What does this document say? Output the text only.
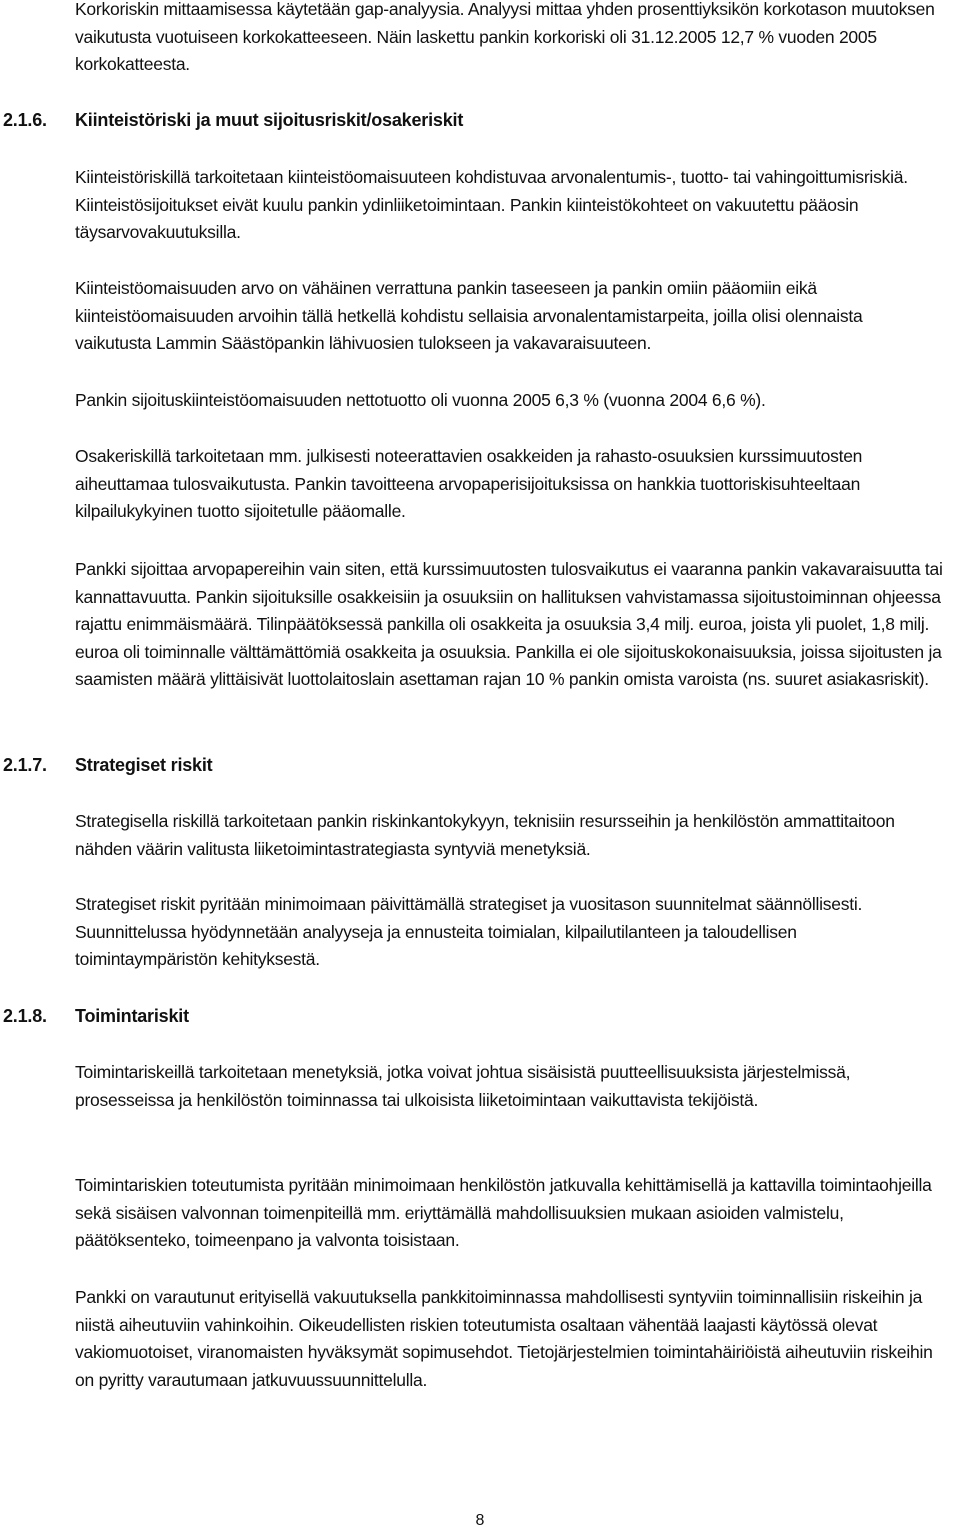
Korkoriskin mittaamisessa käytetään gap-analyysia. Analyysi mittaa yhden prosenttiyksikön korkotason muutoksen vaikutusta vuotuiseen korkokatteeseen. Näin laskettu pankin korkoriski oli 31.12.2005 12,7 % vuoden 2005 korkokatteesta.

2.1.6.	Kiinteistöriski ja muut sijoitusriskit/osakeriskit

Kiinteistöriskillä tarkoitetaan kiinteistöomaisuuteen kohdistuvaa arvonalentumis-, tuotto- tai vahingoittumisriskiä. Kiinteistösijoitukset eivät kuulu pankin ydinliiketoimintaan. Pankin kiinteistökohteet on vakuutettu pääosin täysarvovakuutuksilla.

Kiinteistöomaisuuden arvo on vähäinen verrattuna pankin taseeseen ja pankin omiin pääomiin eikä kiinteistöomaisuuden arvoihin tällä hetkellä kohdistu sellaisia arvonalentamistarpeita, joilla olisi olennaista vaikutusta Lammin Säästöpankin lähivuosien tulokseen ja vakavaraisuuteen.

Pankin sijoituskiinteistöomaisuuden nettotuotto oli vuonna 2005 6,3 % (vuonna 2004 6,6 %).

Osakeriskillä tarkoitetaan mm. julkisesti noteerattavien osakkeiden ja rahasto-osuuksien kurssimuutosten aiheuttamaa tulosvaikutusta. Pankin tavoitteena arvopaperisijoituksissa on hankkia tuottoriskisuhteeltaan kilpailukykyinen tuotto sijoitetulle pääomalle.

Pankki sijoittaa arvopapereihin vain siten, että kurssimuutosten tulosvaikutus ei vaaranna pankin vakavaraisuutta tai kannattavuutta. Pankin sijoituksille osakkeisiin ja osuuksiin on hallituksen vahvistamassa sijoitustoiminnan ohjeessa rajattu enimmäismäärä. Tilinpäätöksessä pankilla oli osakkeita ja osuuksia 3,4 milj. euroa, joista yli puolet, 1,8 milj. euroa oli toiminnalle välttämättömiä osakkeita ja osuuksia. Pankilla ei ole sijoituskokonaisuuksia, joissa sijoitusten ja saamisten määrä ylittäisivät luottolaitoslain asettaman rajan 10 % pankin omista varoista (ns. suuret asiakasriskit).

2.1.7.	Strategiset riskit

Strategisella riskillä tarkoitetaan pankin riskinkantokykyyn, teknisiin resursseihin ja henkilöstön ammattitaitoon nähden väärin valitusta liiketoimintastrategiasta syntyviä menetyksiä.

Strategiset riskit pyritään minimoimaan päivittämällä strategiset ja vuositason suunnitelmat säännöllisesti. Suunnittelussa hyödynnetään analyyseja ja ennusteita toimialan, kilpailutilanteen ja taloudellisen toimintaympäristön kehityksestä.

2.1.8.	Toimintariskit

Toimintariskeillä tarkoitetaan menetyksiä, jotka voivat johtua sisäisistä puutteellisuuksista järjestelmissä, prosesseissa ja henkilöstön toiminnassa tai ulkoisista liiketoimintaan vaikuttavista tekijöistä.

Toimintariskien toteutumista pyritään minimoimaan henkilöstön jatkuvalla kehittämisellä ja kattavilla toimintaohjeilla sekä sisäisen valvonnan toimenpiteillä mm. eriyttämällä mahdollisuuksien mukaan asioiden valmistelu, päätöksenteko, toimeenpano ja valvonta toisistaan.

Pankki on varautunut erityisellä vakuutuksella pankkitoiminnassa mahdollisesti syntyviin toiminnallisiin riskeihin ja niistä aiheutuviin vahinkoihin. Oikeudellisten riskien toteutumista osaltaan vähentää laajasti käytössä olevat vakiomuotoiset, viranomaisten hyväksymät sopimusehdot. Tietojärjestelmien toimintahäiriöistä aiheutuviin riskeihin on pyritty varautumaan jatkuvuussuunnittelulla.

8
